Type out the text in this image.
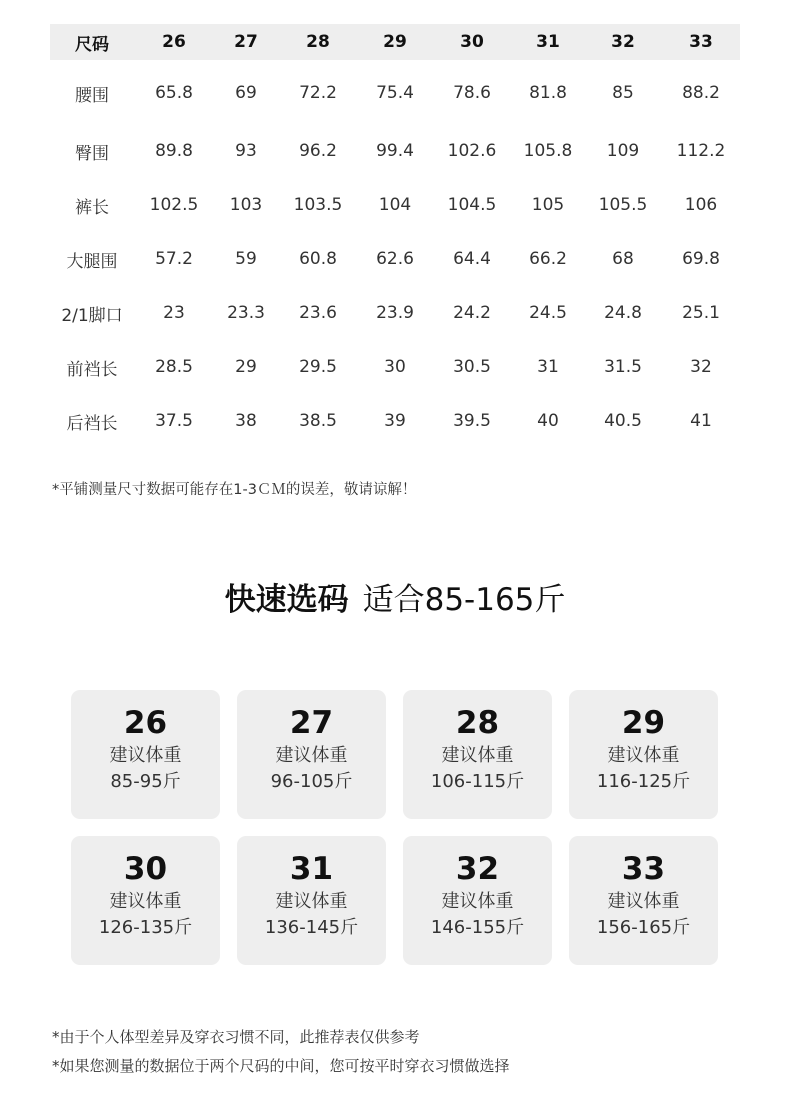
尺码	26	27	28	29	30	31	32	33
腰围	65.8	69	72.2	75.4	78.6	81.8	85	88.2
臀围	89.8	93	96.2	99.4	102.6	105.8	109	112.2
裤长	102.5	103	103.5	104	104.5	105	105.5	106
大腿围	57.2	59	60.8	62.6	64.4	66.2	68	69.8
2/1脚口	23	23.3	23.6	23.9	24.2	24.5	24.8	25.1
前裆长	28.5	29	29.5	30	30.5	31	31.5	32
后裆长	37.5	38	38.5	39	39.5	40	40.5	41
*平铺测量尺寸数据可能存在1-3ＣＭ的误差，敬请谅解！
快速选码 适合85-165斤
26
建议体重
85-95斤
27
建议体重
96-105斤
28
建议体重
106-115斤
29
建议体重
116-125斤
30
建议体重
126-135斤
31
建议体重
136-145斤
32
建议体重
146-155斤
33
建议体重
156-165斤
*由于个人体型差异及穿衣习惯不同，此推荐表仅供参考
*如果您测量的数据位于两个尺码的中间，您可按平时穿衣习惯做选择
